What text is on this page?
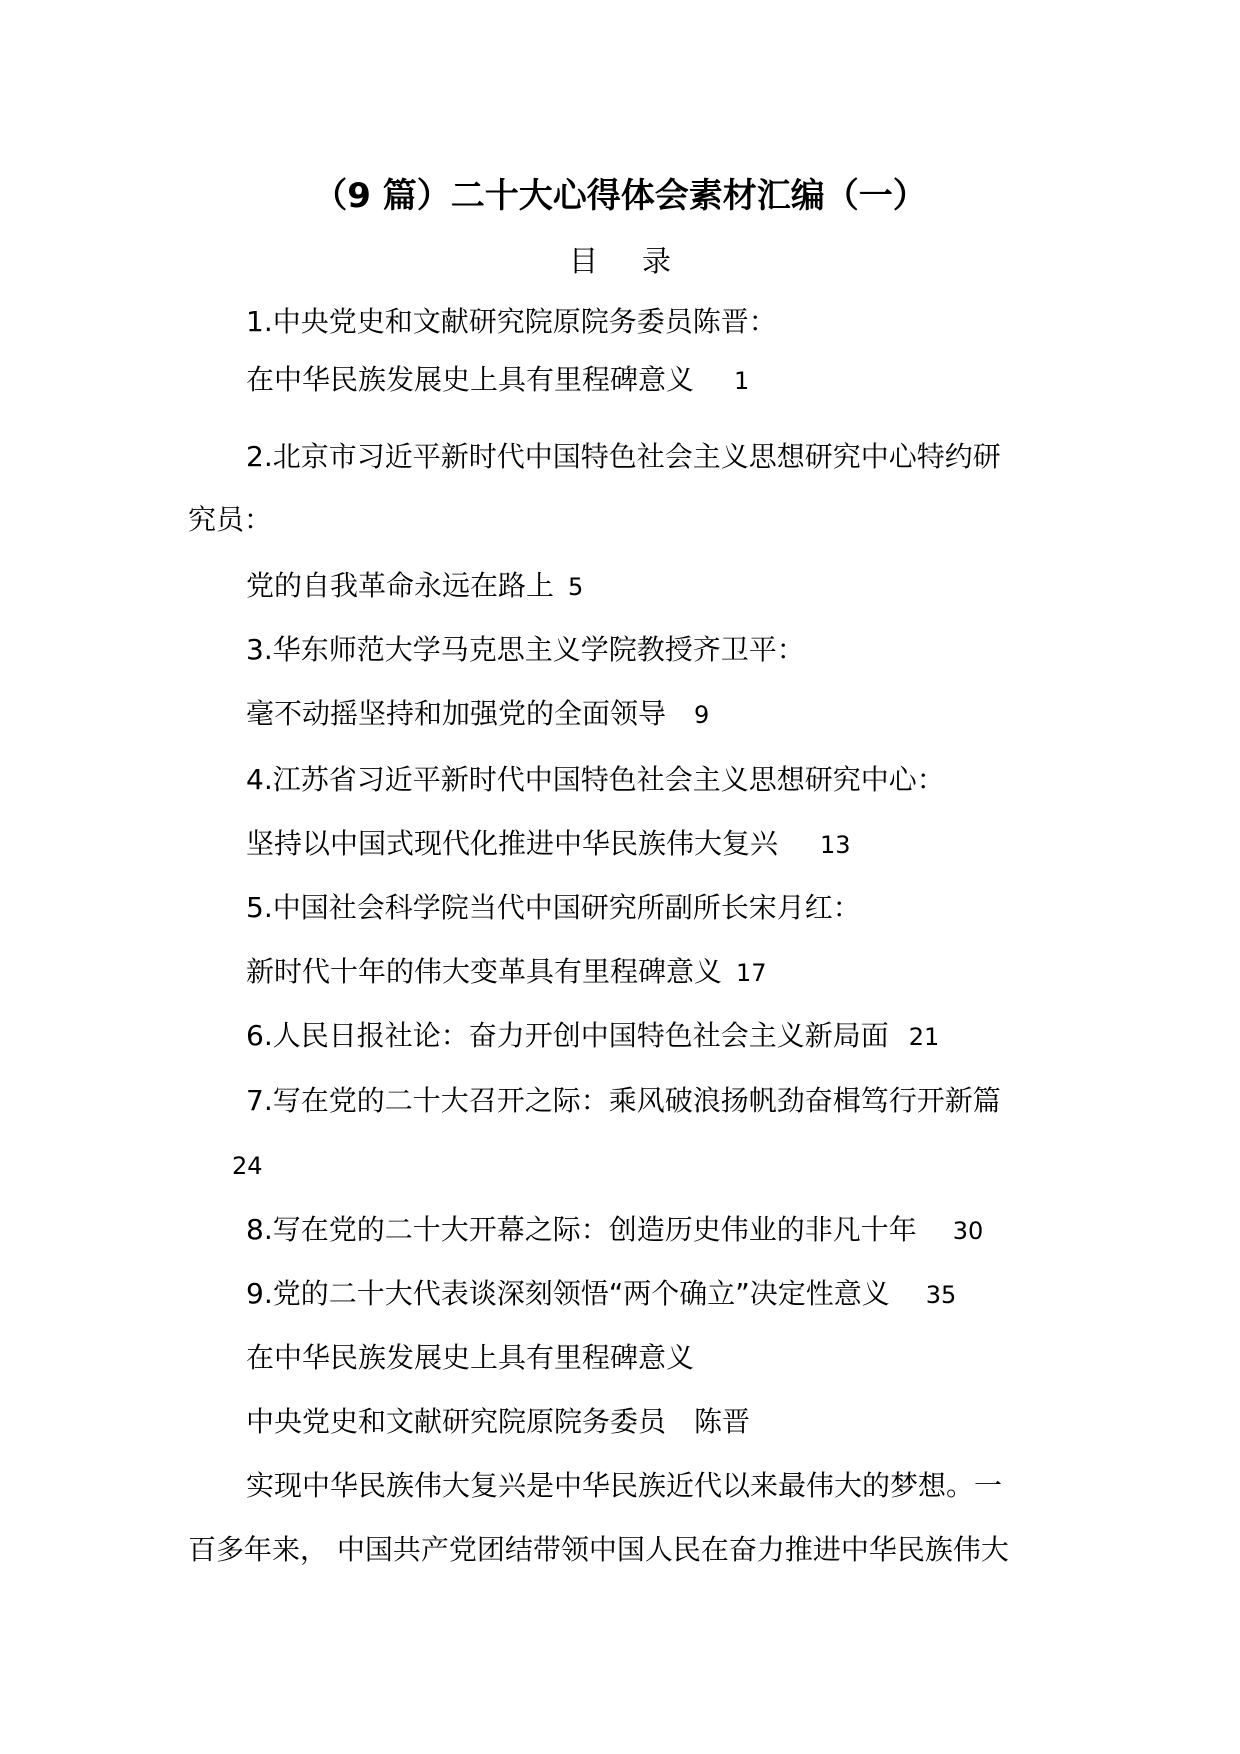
（9 篇）二十大心得体会素材汇编（一）
目录
1.中央党史和文献研究院原院务委员陈晋：
在中华民族发展史上具有里程碑意义 1
2.北京市习近平新时代中国特色社会主义思想研究中心特约研
究员：
党的自我革命永远在路上 5
3.华东师范大学马克思主义学院教授齐卫平：
毫不动摇坚持和加强党的全面领导 9
4.江苏省习近平新时代中国特色社会主义思想研究中心：
坚持以中国式现代化推进中华民族伟大复兴 13
5.中国社会科学院当代中国研究所副所长宋月红：
新时代十年的伟大变革具有里程碑意义 17
6.人民日报社论：奋力开创中国特色社会主义新局面 21
7.写在党的二十大召开之际：乘风破浪扬帆劲奋楫笃行开新篇
24
8.写在党的二十大开幕之际：创造历史伟业的非凡十年 30
9.党的二十大代表谈深刻领悟“两个确立”决定性意义 35
在中华民族发展史上具有里程碑意义
中央党史和文献研究院原院务委员　陈晋
实现中华民族伟大复兴是中华民族近代以来最伟大的梦想。一
百多年来， 中国共产党团结带领中国人民在奋力推进中华民族伟大
